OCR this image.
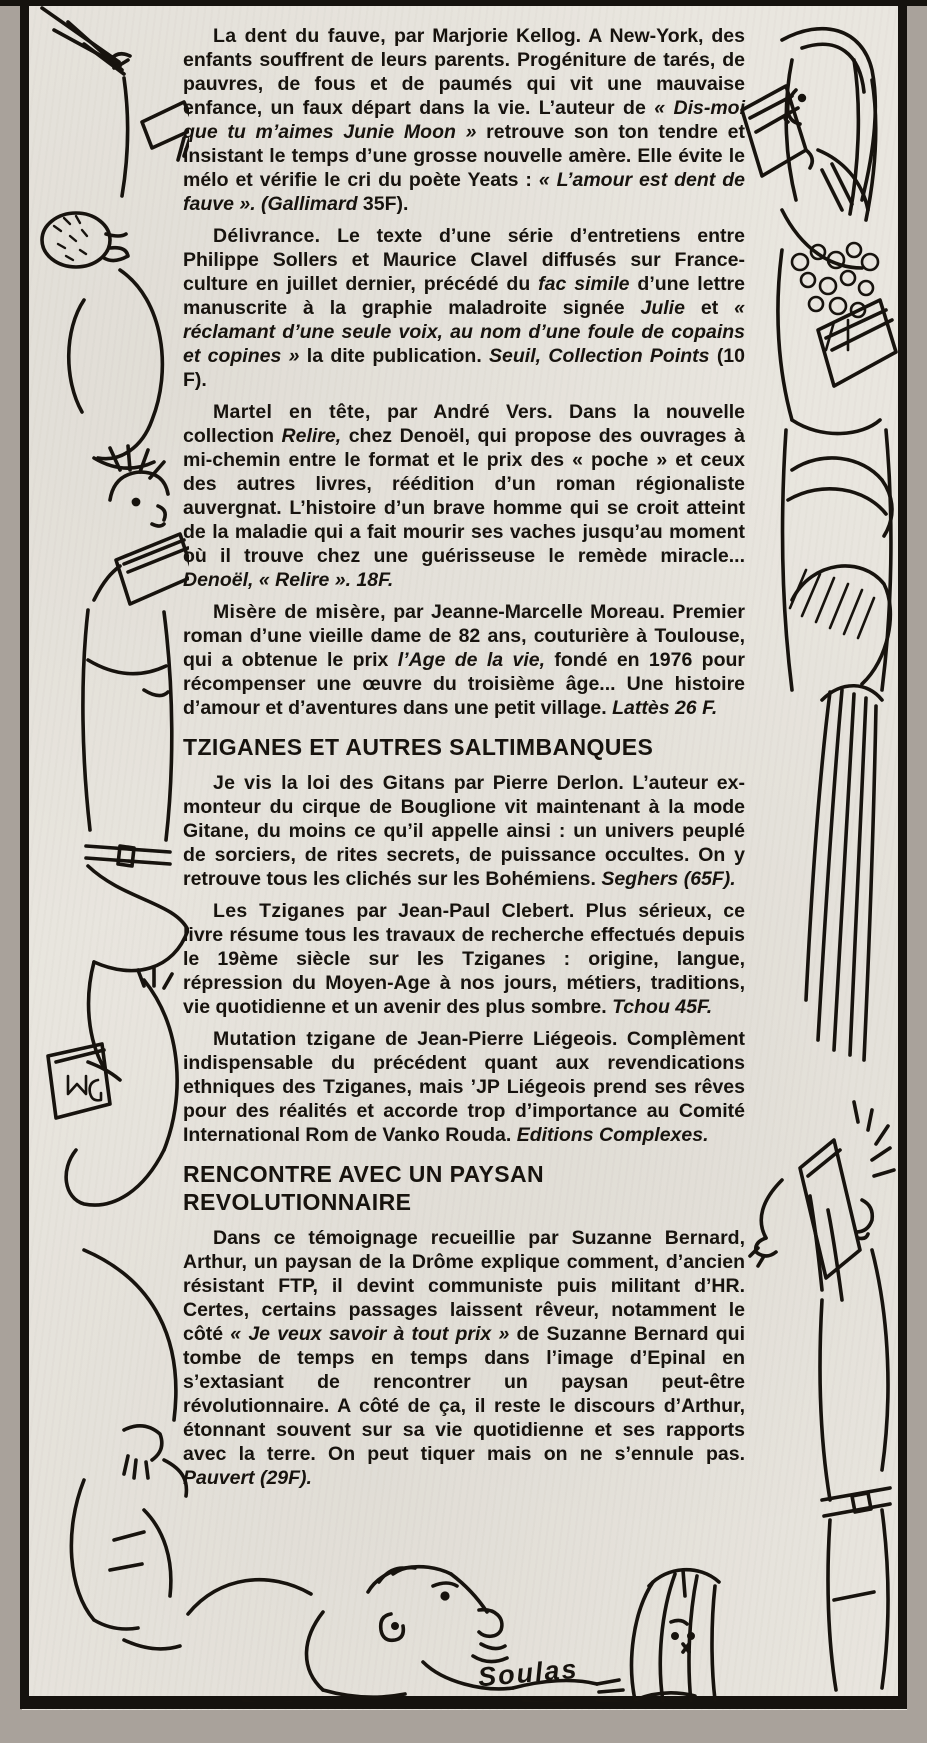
La dent du fauve, par Marjorie Kellog. A New-York, des enfants souffrent de leurs parents. Progéniture de tarés, de pauvres, de fous et de paumés qui vit une mauvaise enfance, un faux départ dans la vie. L’auteur de « Dis-moi que tu m’aimes Junie Moon » retrouve son ton tendre et insistant le temps d’une grosse nouvelle amère. Elle évite le mélo et vérifie le cri du poète Yeats : « L’amour est dent de fauve ». (Gallimard 35F).

Délivrance. Le texte d’une série d’entretiens entre Philippe Sollers et Maurice Clavel diffusés sur France-culture en juillet dernier, précédé du fac simile d’une lettre manuscrite à la graphie maladroite signée Julie et « réclamant d’une seule voix, au nom d’une foule de copains et copines » la dite publication. Seuil, Collection Points (10 F).

Martel en tête, par André Vers. Dans la nouvelle collection Relire, chez Denoël, qui propose des ouvrages à mi-chemin entre le format et le prix des « poche » et ceux des autres livres, réédition d’un roman régionaliste auvergnat. L’histoire d’un brave homme qui se croit atteint de la maladie qui a fait mourir ses vaches jusqu’au moment où il trouve chez une guérisseuse le remède miracle... Denoël, « Relire ». 18F.

Misère de misère, par Jeanne-Marcelle Moreau. Premier roman d’une vieille dame de 82 ans, couturière à Toulouse, qui a obtenue le prix l’Age de la vie, fondé en 1976 pour récompenser une œuvre du troisième âge... Une histoire d’amour et d’aventures dans une petit village. Lattès 26 F.

TZIGANES ET AUTRES SALTIMBANQUES

Je vis la loi des Gitans par Pierre Derlon. L’auteur ex-monteur du cirque de Bouglione vit maintenant à la mode Gitane, du moins ce qu’il appelle ainsi : un univers peuplé de sorciers, de rites secrets, de puissance occultes. On y retrouve tous les clichés sur les Bohémiens. Seghers (65F).

Les Tziganes par Jean-Paul Clebert. Plus sérieux, ce livre résume tous les travaux de recherche effectués depuis le 19ème siècle sur les Tziganes : origine, langue, répression du Moyen-Age à nos jours, métiers, traditions, vie quotidienne et un avenir des plus sombre. Tchou 45F.

Mutation tzigane de Jean-Pierre Liégeois. Complèment indispensable du précédent quant aux revendications ethniques des Tziganes, mais ’JP Liégeois prend ses rêves pour des réalités et accorde trop d’importance au Comité International Rom de Vanko Rouda. Editions Complexes.

RENCONTRE AVEC UN PAYSAN REVOLUTIONNAIRE

Dans ce témoignage recueillie par Suzanne Bernard, Arthur, un paysan de la Drôme explique comment, d’ancien résistant FTP, il devint communiste puis militant d’HR. Certes, certains passages laissent rêveur, notamment le côté « Je veux savoir à tout prix » de Suzanne Bernard qui tombe de temps en temps dans l’image d’Epinal en s’extasiant de rencontrer un paysan peut-être révolutionnaire. A côté de ça, il reste le discours d’Arthur, étonnant souvent sur sa vie quotidienne et ses rapports avec la terre. On peut tiquer mais on ne s’ennule pas. Pauvert (29F).

Soulas
